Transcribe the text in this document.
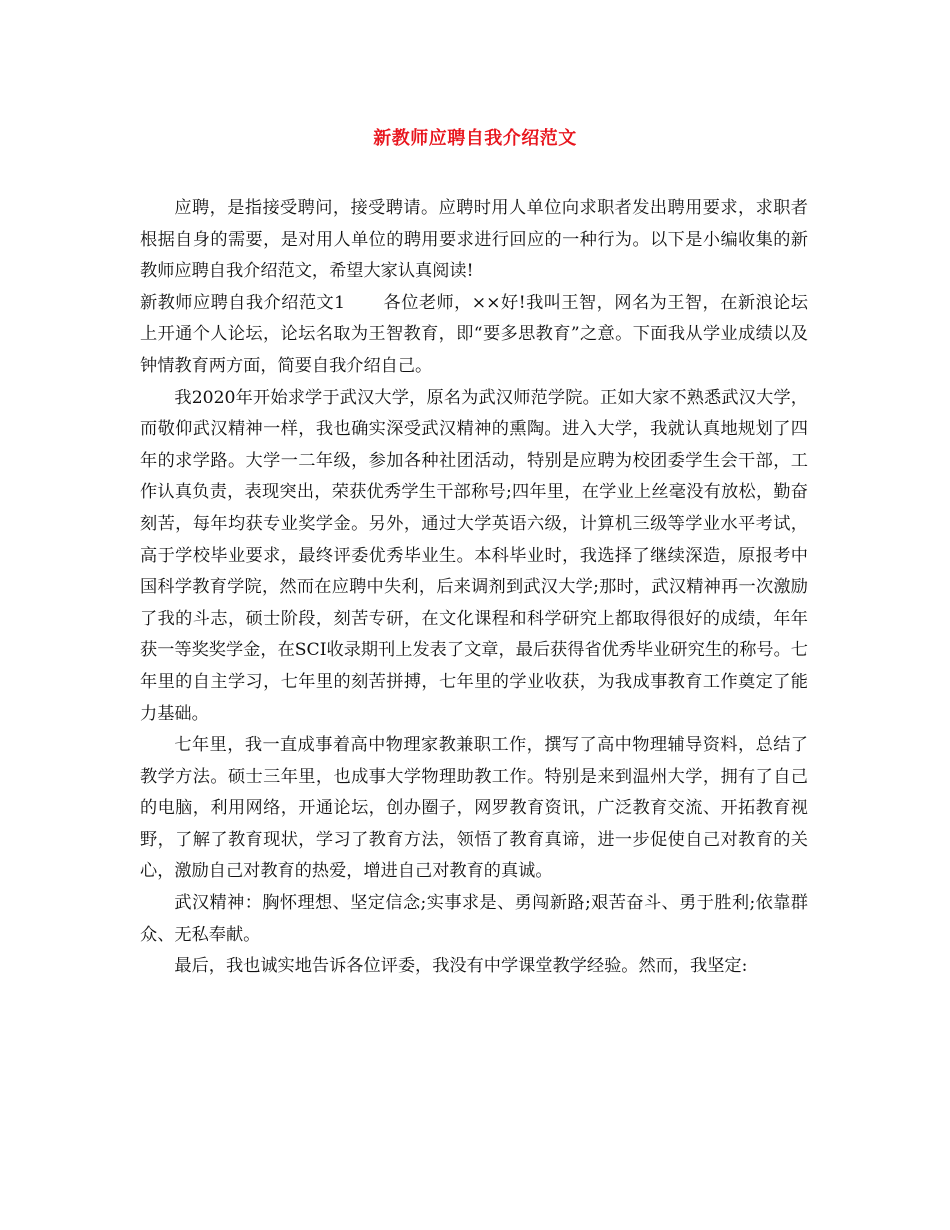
新教师应聘自我介绍范文

应聘，是指接受聘问，接受聘请。应聘时用人单位向求职者发出聘用要求，求职者根据自身的需要，是对用人单位的聘用要求进行回应的一种行为。以下是小编收集的新教师应聘自我介绍范文，希望大家认真阅读!

新教师应聘自我介绍范文1 各位老师，××好!我叫王智，网名为王智，在新浪论坛上开通个人论坛，论坛名取为王智教育，即“要多思教育”之意。下面我从学业成绩以及钟情教育两方面，简要自我介绍自己。

我2020年开始求学于武汉大学，原名为武汉师范学院。正如大家不熟悉武汉大学，而敬仰武汉精神一样，我也确实深受武汉精神的熏陶。进入大学，我就认真地规划了四年的求学路。大学一二年级，参加各种社团活动，特别是应聘为校团委学生会干部，工作认真负责，表现突出，荣获优秀学生干部称号;四年里，在学业上丝毫没有放松，勤奋刻苦，每年均获专业奖学金。另外，通过大学英语六级，计算机三级等学业水平考试，高于学校毕业要求，最终评委优秀毕业生。本科毕业时，我选择了继续深造，原报考中国科学教育学院，然而在应聘中失利，后来调剂到武汉大学;那时，武汉精神再一次激励了我的斗志，硕士阶段，刻苦专研，在文化课程和科学研究上都取得很好的成绩，年年获一等奖奖学金，在SCI收录期刊上发表了文章，最后获得省优秀毕业研究生的称号。七年里的自主学习，七年里的刻苦拼搏，七年里的学业收获，为我成事教育工作奠定了能力基础。

七年里，我一直成事着高中物理家教兼职工作，撰写了高中物理辅导资料，总结了教学方法。硕士三年里，也成事大学物理助教工作。特别是来到温州大学，拥有了自己的电脑，利用网络，开通论坛，创办圈子，网罗教育资讯，广泛教育交流、开拓教育视野，了解了教育现状，学习了教育方法，领悟了教育真谛，进一步促使自己对教育的关心，激励自己对教育的热爱，增进自己对教育的真诚。

武汉精神：胸怀理想、坚定信念;实事求是、勇闯新路;艰苦奋斗、勇于胜利;依靠群众、无私奉献。

最后，我也诚实地告诉各位评委，我没有中学课堂教学经验。然而，我坚定:
